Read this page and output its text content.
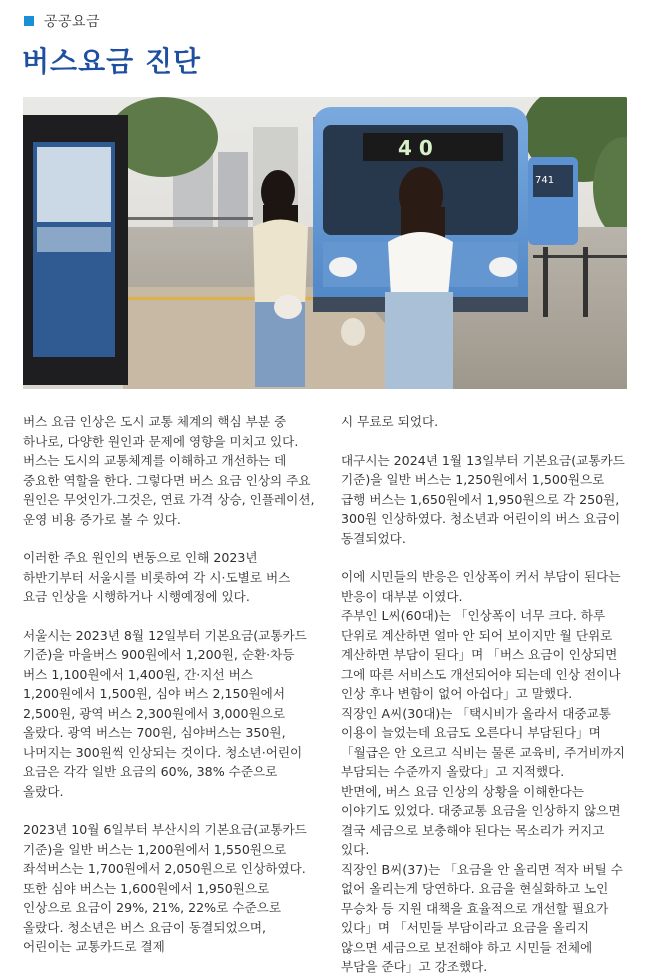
공공요금
버스요금 진단
741
4 0

버스 요금 인상은 도시 교통 체계의 핵심 부분 중 하나로, 다양한 원인과 문제에 영향을 미치고 있다. 버스는 도시의 교통체계를 이해하고 개선하는 데 중요한 역할을 한다. 그렇다면 버스 요금 인상의 주요 원인은 무엇인가.그것은, 연료 가격 상승, 인플레이션, 운영 비용 증가로 볼 수 있다.

이러한 주요 원인의 변동으로 인해 2023년 하반기부터 서울시를 비롯하여 각 시·도별로 버스 요금 인상을 시행하거나 시행예정에 있다.

서울시는 2023년 8월 12일부터 기본요금(교통카드 기준)을 마을버스 900원에서 1,200원, 순환·차등 버스 1,100원에서 1,400원, 간·지선 버스 1,200원에서 1,500원, 심야 버스 2,150원에서 2,500원, 광역 버스 2,300원에서 3,000원으로 올랐다. 광역 버스는 700원, 심야버스는 350원, 나머지는 300원씩 인상되는 것이다. 청소년·어린이 요금은 각각 일반 요금의 60%, 38% 수준으로 올랐다.

2023년 10월 6일부터 부산시의 기본요금(교통카드 기준)을 일반 버스는 1,200원에서 1,550원으로 좌석버스는 1,700원에서 2,050원으로 인상하였다. 또한 심야 버스는 1,600원에서 1,950원으로 인상으로 요금이 29%, 21%, 22%로 수준으로 올랐다. 청소년은 버스 요금이 동결되었으며, 어린이는 교통카드로 결제

시 무료로 되었다.

대구시는 2024년 1월 13일부터 기본요금(교통카드 기준)을 일반 버스는 1,250원에서 1,500원으로 급행 버스는 1,650원에서 1,950원으로 각 250원, 300원 인상하였다. 청소년과 어린이의 버스 요금이 동결되었다.

이에 시민들의 반응은 인상폭이 커서 부담이 된다는 반응이 대부분 이였다.

주부인 L씨(60대)는 「인상폭이 너무 크다. 하루 단위로 계산하면 얼마 안 되어 보이지만 월 단위로 계산하면 부담이 된다」며 「버스 요금이 인상되면 그에 따른 서비스도 개선되어야 되는데 인상 전이나 인상 후나 변함이 없어 아쉽다」고 말했다.

직장인 A씨(30대)는 「택시비가 올라서 대중교통 이용이 늘었는데 요금도 오른다니 부담된다」며 「월급은 안 오르고 식비는 물론 교육비, 주거비까지 부담되는 수준까지 올랐다」고 지적했다.

반면에, 버스 요금 인상의 상황을 이해한다는 이야기도 있었다. 대중교통 요금을 인상하지 않으면 결국 세금으로 보충해야 된다는 목소리가 커지고 있다.

직장인 B씨(37)는 「요금을 안 올리면 적자 버틸 수 없어 올리는게 당연하다. 요금을 현실화하고 노인 무승차 등 지원 대책을 효율적으로 개선할 필요가 있다」며 「서민들 부담이라고 요금을 올리지 않으면 세금으로 보전해야 하고 시민들 전체에 부담을 준다」고 강조했다.
